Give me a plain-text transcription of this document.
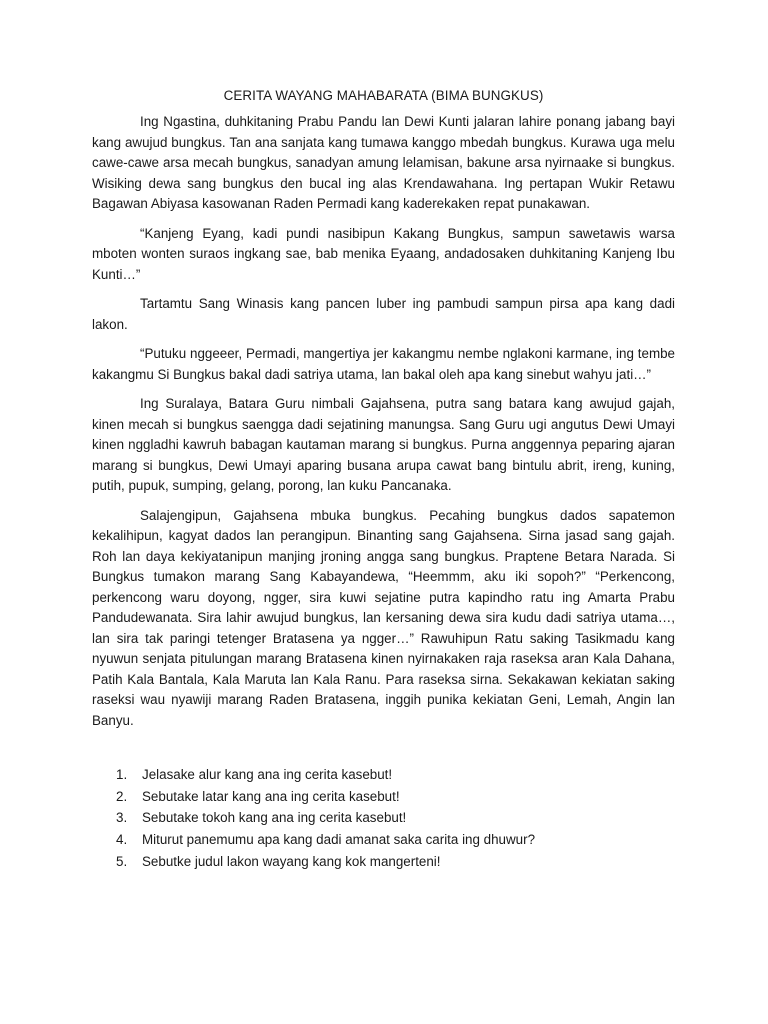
CERITA WAYANG MAHABARATA (BIMA BUNGKUS)

Ing Ngastina, duhkitaning Prabu Pandu lan Dewi Kunti jalaran lahire ponang jabang bayi kang awujud bungkus. Tan ana sanjata kang tumawa kanggo mbedah bungkus. Kurawa uga melu cawe-cawe arsa mecah bungkus, sanadyan amung lelamisan, bakune arsa nyirnaake si bungkus. Wisiking dewa sang bungkus den bucal ing alas Krendawahana. Ing pertapan Wukir Retawu Bagawan Abiyasa kasowanan Raden Permadi kang kaderekaken repat punakawan.

“Kanjeng Eyang, kadi pundi nasibipun Kakang Bungkus, sampun sawetawis warsa mboten wonten suraos ingkang sae, bab menika Eyaang, andadosaken duhkitaning Kanjeng Ibu Kunti…”

Tartamtu Sang Winasis kang pancen luber ing pambudi sampun pirsa apa kang dadi lakon.

“Putuku nggeeer, Permadi, mangertiya jer kakangmu nembe nglakoni karmane, ing tembe kakangmu Si Bungkus bakal dadi satriya utama, lan bakal oleh apa kang sinebut wahyu jati…”

Ing Suralaya, Batara Guru nimbali Gajahsena, putra sang batara kang awujud gajah, kinen mecah si bungkus saengga dadi sejatining manungsa. Sang Guru ugi angutus Dewi Umayi kinen nggladhi kawruh babagan kautaman marang si bungkus. Purna anggennya peparing ajaran marang si bungkus, Dewi Umayi aparing busana arupa cawat bang bintulu abrit, ireng, kuning, putih, pupuk, sumping, gelang, porong, lan kuku Pancanaka.

Salajengipun, Gajahsena mbuka bungkus. Pecahing bungkus dados sapatemon kekalihipun, kagyat dados lan perangipun. Binanting sang Gajahsena. Sirna jasad sang gajah. Roh lan daya kekiyatanipun manjing jroning angga sang bungkus. Praptene Betara Narada. Si Bungkus tumakon marang Sang Kabayandewa, “Heemmm, aku iki sopoh?” “Perkencong, perkencong waru doyong, ngger, sira kuwi sejatine putra kapindho ratu ing Amarta Prabu Pandudewanata. Sira lahir awujud bungkus, lan kersaning dewa sira kudu dadi satriya utama…, lan sira tak paringi tetenger Bratasena ya ngger…” Rawuhipun Ratu saking Tasikmadu kang nyuwun senjata pitulungan marang Bratasena kinen nyirnakaken raja raseksa aran Kala Dahana, Patih Kala Bantala, Kala Maruta lan Kala Ranu. Para raseksa sirna. Sekakawan kekiatan saking raseksi wau nyawiji marang Raden Bratasena, inggih punika kekiatan Geni, Lemah, Angin lan Banyu.

1.	Jelasake alur kang ana ing cerita kasebut!
2.	Sebutake latar kang ana ing cerita kasebut!
3.	Sebutake tokoh kang ana ing cerita kasebut!
4.	Miturut panemumu apa kang dadi amanat saka carita ing dhuwur?
5.	Sebutke judul lakon wayang kang kok mangerteni!
